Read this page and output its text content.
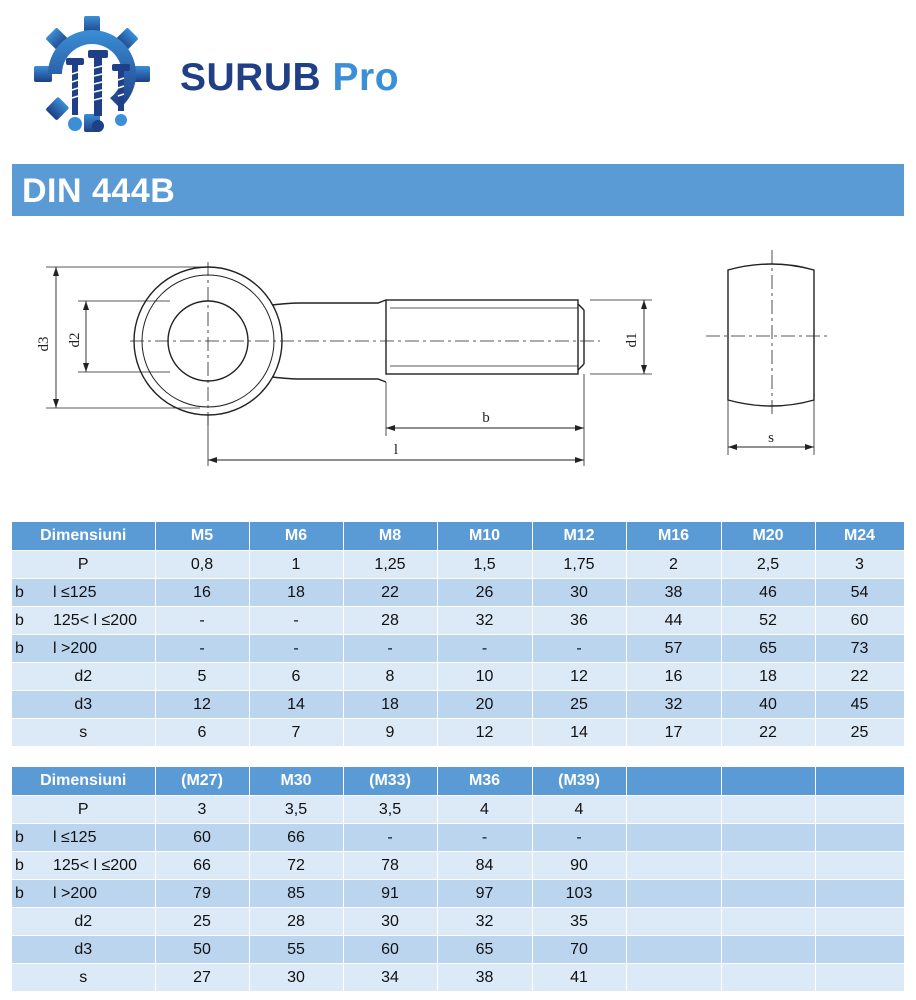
SURUB Pro
DIN 444B
d3 d2	d1
b
l
s
Dimensiuni	M5	M6	M8	M10	M12	M16	M20	M24
P	0,8	1	1,25	1,5	1,75	2	2,5	3
b l ≤125	16	18	22	26	30	38	46	54
b 125< l ≤200	-	-	28	32	36	44	52	60
b l >200	-	-	-	-	-	57	65	73
d2	5	6	8	10	12	16	18	22
d3	12	14	18	20	25	32	40	45
s	6	7	9	12	14	17	22	25
Dimensiuni	(M27)	M30	(M33)	M36	(M39)			
P	3	3,5	3,5	4	4			
b l ≤125	60	66	-	-	-			
b 125< l ≤200	66	72	78	84	90			
b l >200	79	85	91	97	103			
d2	25	28	30	32	35			
d3	50	55	60	65	70			
s	27	30	34	38	41			
